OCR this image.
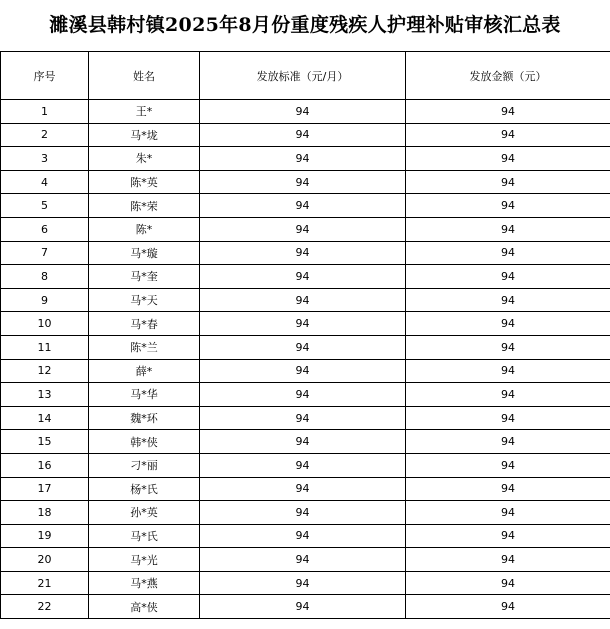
濉溪县韩村镇2025年8月份重度残疾人护理补贴审核汇总表
序号	姓名	发放标准（元/月）	发放金额（元）
1	王*	94	94
2	马*垅	94	94
3	朱*	94	94
4	陈*英	94	94
5	陈*荣	94	94
6	陈*	94	94
7	马*璇	94	94
8	马*奎	94	94
9	马*天	94	94
10	马*春	94	94
11	陈*兰	94	94
12	薛*	94	94
13	马*华	94	94
14	魏*环	94	94
15	韩*侠	94	94
16	刁*丽	94	94
17	杨*氏	94	94
18	孙*英	94	94
19	马*氏	94	94
20	马*光	94	94
21	马*燕	94	94
22	高*侠	94	94
